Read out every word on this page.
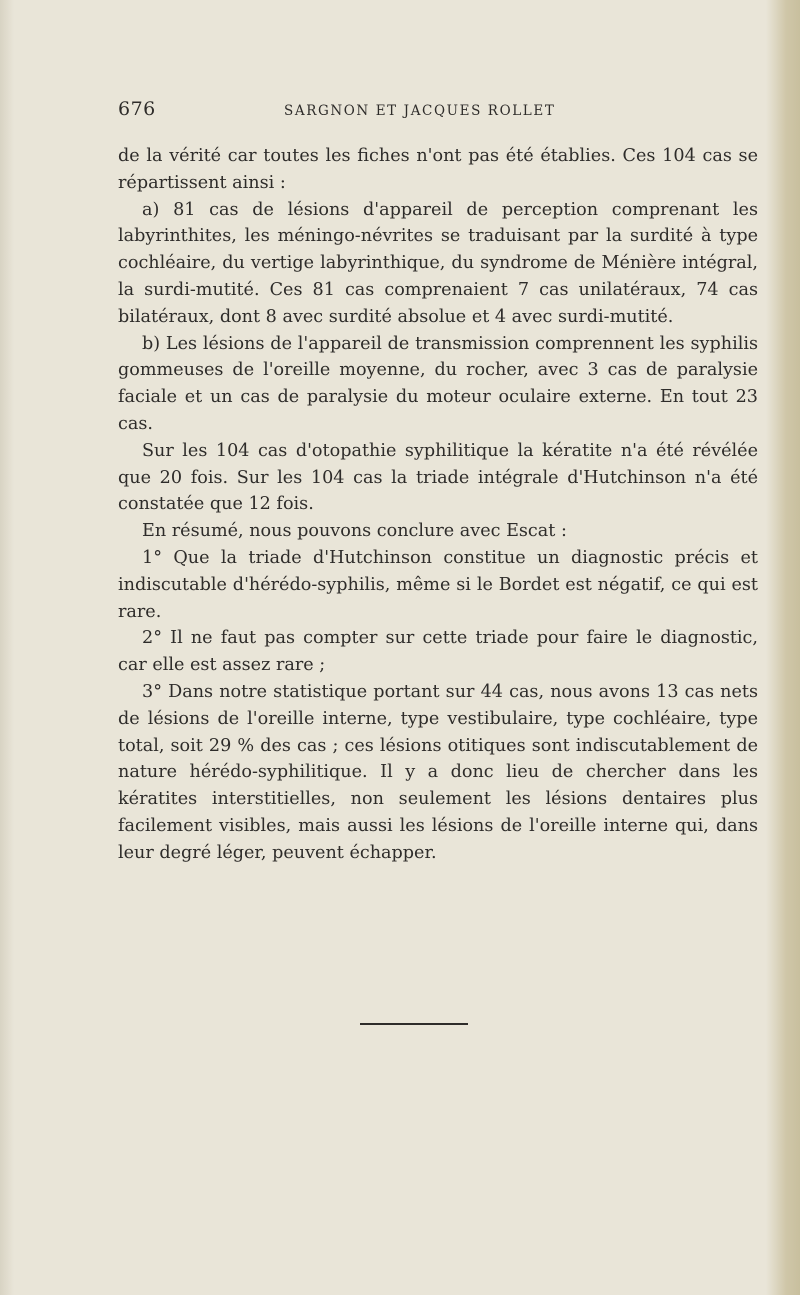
676	SARGNON ET JACQUES ROLLET

de la vérité car toutes les fiches n'ont pas été établies. Ces 104 cas se répartissent ainsi :

a) 81 cas de lésions d'appareil de perception comprenant les labyrinthites, les méningo-névrites se traduisant par la surdité à type cochléaire, du vertige labyrinthique, du syndrome de Ménière intégral, la surdi-mutité. Ces 81 cas comprenaient 7 cas unilatéraux, 74 cas bilatéraux, dont 8 avec surdité absolue et 4 avec surdi-mutité.

b) Les lésions de l'appareil de transmission comprennent les syphilis gommeuses de l'oreille moyenne, du rocher, avec 3 cas de paralysie faciale et un cas de paralysie du moteur oculaire externe. En tout 23 cas.

Sur les 104 cas d'otopathie syphilitique la kératite n'a été révélée que 20 fois. Sur les 104 cas la triade intégrale d'Hutchinson n'a été constatée que 12 fois.

En résumé, nous pouvons conclure avec Escat :

1° Que la triade d'Hutchinson constitue un diagnostic précis et indiscutable d'hérédo-syphilis, même si le Bordet est négatif, ce qui est rare.

2° Il ne faut pas compter sur cette triade pour faire le diagnostic, car elle est assez rare ;

3° Dans notre statistique portant sur 44 cas, nous avons 13 cas nets de lésions de l'oreille interne, type vestibulaire, type cochléaire, type total, soit 29 % des cas ; ces lésions otitiques sont indiscutablement de nature hérédo-syphilitique. Il y a donc lieu de chercher dans les kératites interstitielles, non seulement les lésions dentaires plus facilement visibles, mais aussi les lésions de l'oreille interne qui, dans leur degré léger, peuvent échapper.
